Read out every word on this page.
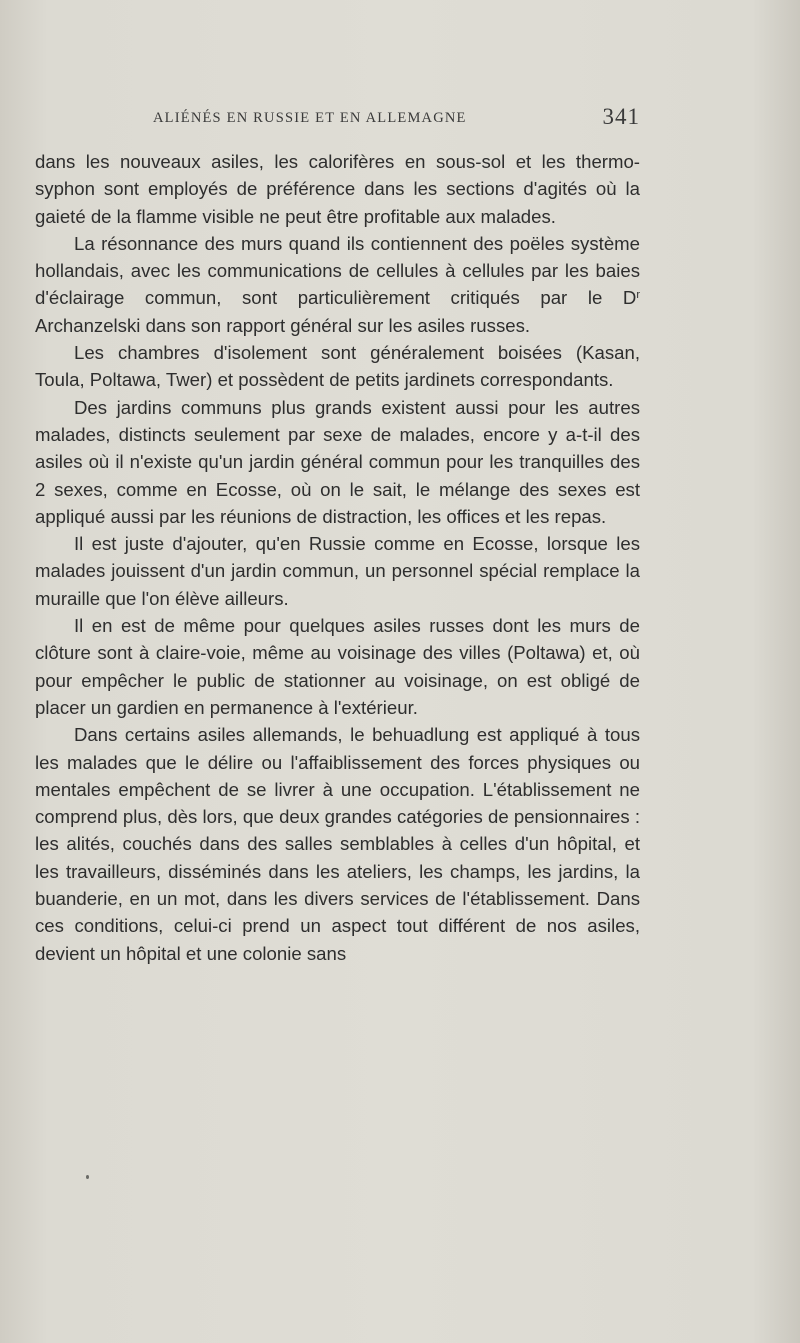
ALIÉNÉS EN RUSSIE ET EN ALLEMAGNE	341

dans les nouveaux asiles, les calorifères en sous-sol et les thermo-syphon sont employés de préférence dans les sections d'agités où la gaieté de la flamme visible ne peut être profitable aux malades.

La résonnance des murs quand ils contiennent des poëles système hollandais, avec les communications de cellules à cellules par les baies d'éclairage commun, sont particulièrement critiqués par le $D^r$ Archanzelski dans son rapport général sur les asiles russes.

Les chambres d'isolement sont généralement boisées (Kasan, Toula, Poltawa, Twer) et possèdent de petits jardinets correspondants.

Des jardins communs plus grands existent aussi pour les autres malades, distincts seulement par sexe de malades, encore y a-t-il des asiles où il n'existe qu'un jardin général commun pour les tranquilles des 2 sexes, comme en Ecosse, où on le sait, le mélange des sexes est appliqué aussi par les réunions de distraction, les offices et les repas.

Il est juste d'ajouter, qu'en Russie comme en Ecosse, lorsque les malades jouissent d'un jardin commun, un personnel spécial remplace la muraille que l'on élève ailleurs.

Il en est de même pour quelques asiles russes dont les murs de clôture sont à claire-voie, même au voisinage des villes (Poltawa) et, où pour empêcher le public de stationner au voisinage, on est obligé de placer un gardien en permanence à l'extérieur.

Dans certains asiles allemands, le behuadlung est appliqué à tous les malades que le délire ou l'affaiblissement des forces physiques ou mentales empêchent de se livrer à une occupation. L'établissement ne comprend plus, dès lors, que deux grandes catégories de pensionnaires : les alités, couchés dans des salles semblables à celles d'un hôpital, et les travailleurs, disséminés dans les ateliers, les champs, les jardins, la buanderie, en un mot, dans les divers services de l'établissement. Dans ces conditions, celui-ci prend un aspect tout différent de nos asiles, devient un hôpital et une colonie sans
